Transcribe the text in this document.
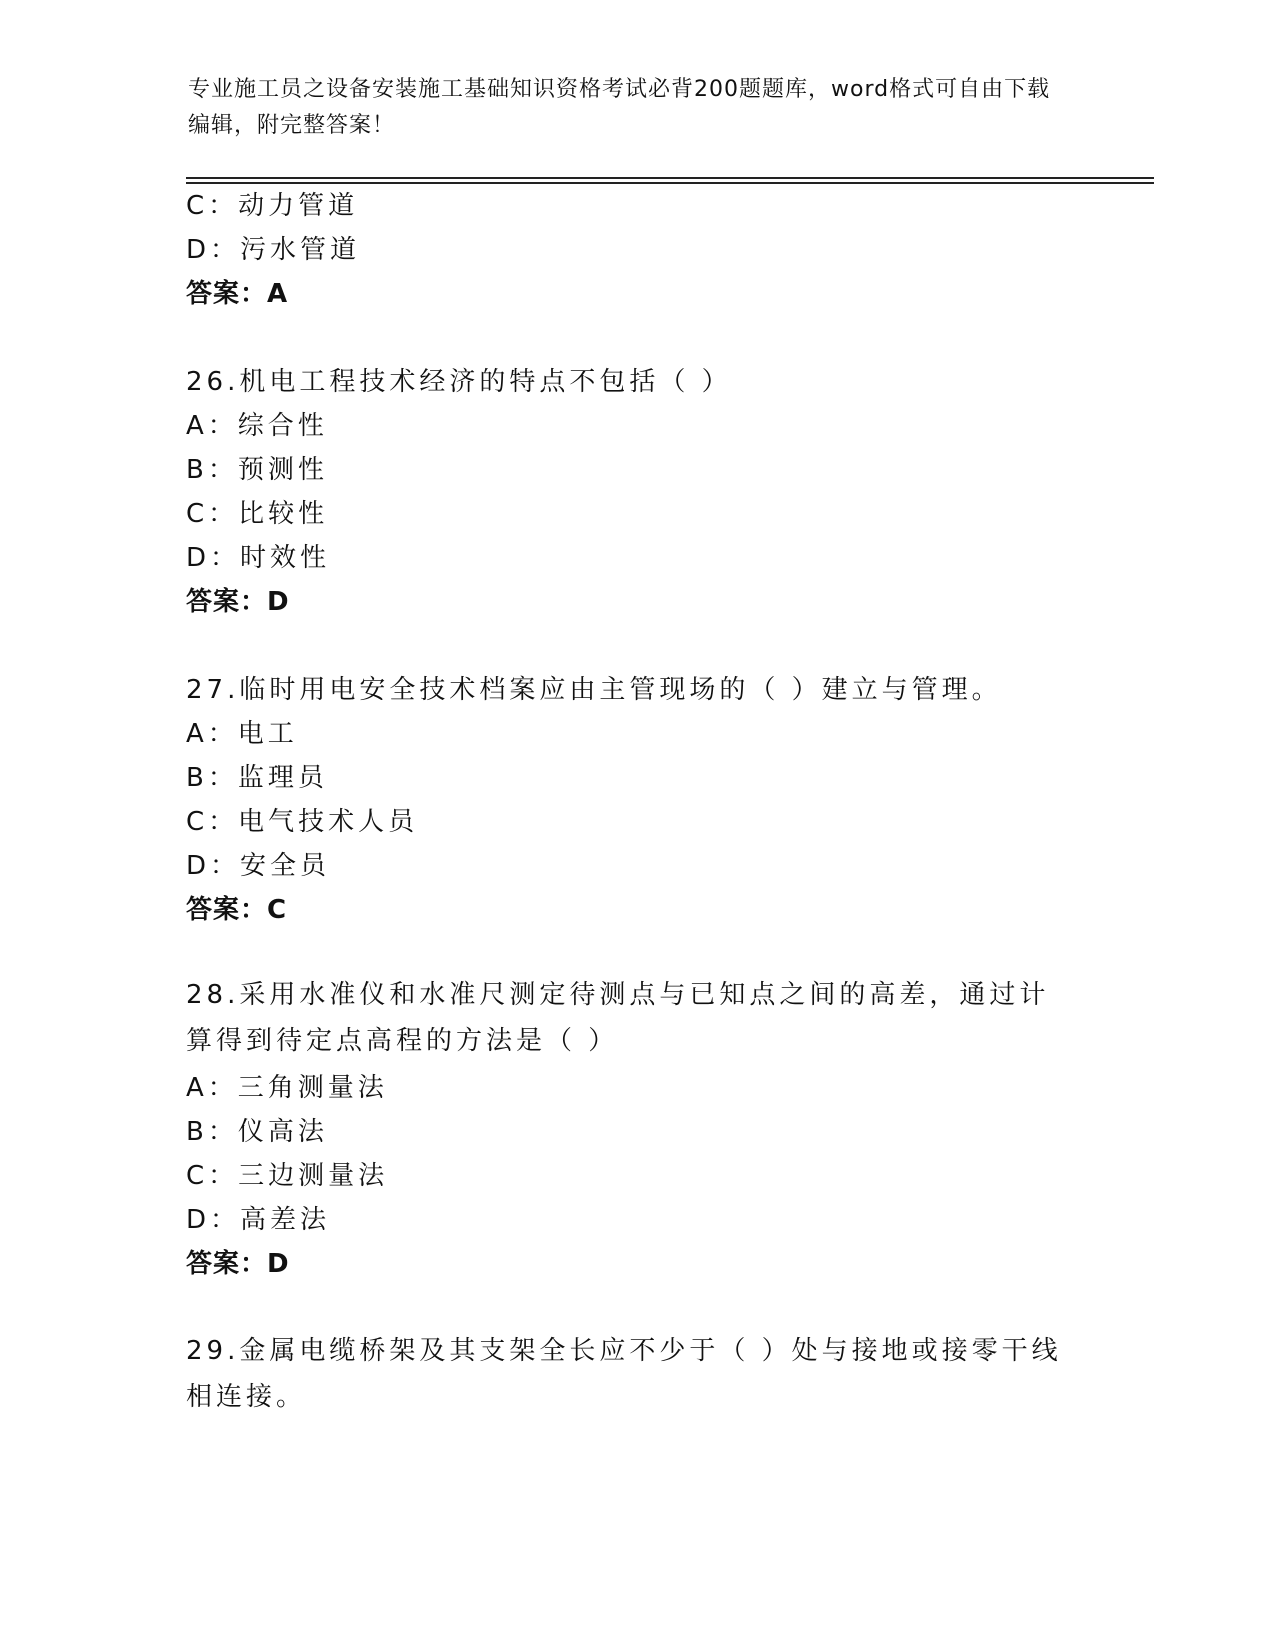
专业施工员之设备安装施工基础知识资格考试必背200题题库，word格式可自由下载编辑，附完整答案！
C：动力管道
D：污水管道
答案：A
26.机电工程技术经济的特点不包括（ ）
A：综合性
B：预测性
C：比较性
D：时效性
答案：D
27.临时用电安全技术档案应由主管现场的（ ）建立与管理。
A：电工
B：监理员
C：电气技术人员
D：安全员
答案：C
28.采用水准仪和水准尺测定待测点与已知点之间的高差，通过计算得到待定点高程的方法是（ ）
A：三角测量法
B：仪高法
C：三边测量法
D：高差法
答案：D
29.金属电缆桥架及其支架全长应不少于（ ）处与接地或接零干线相连接。
